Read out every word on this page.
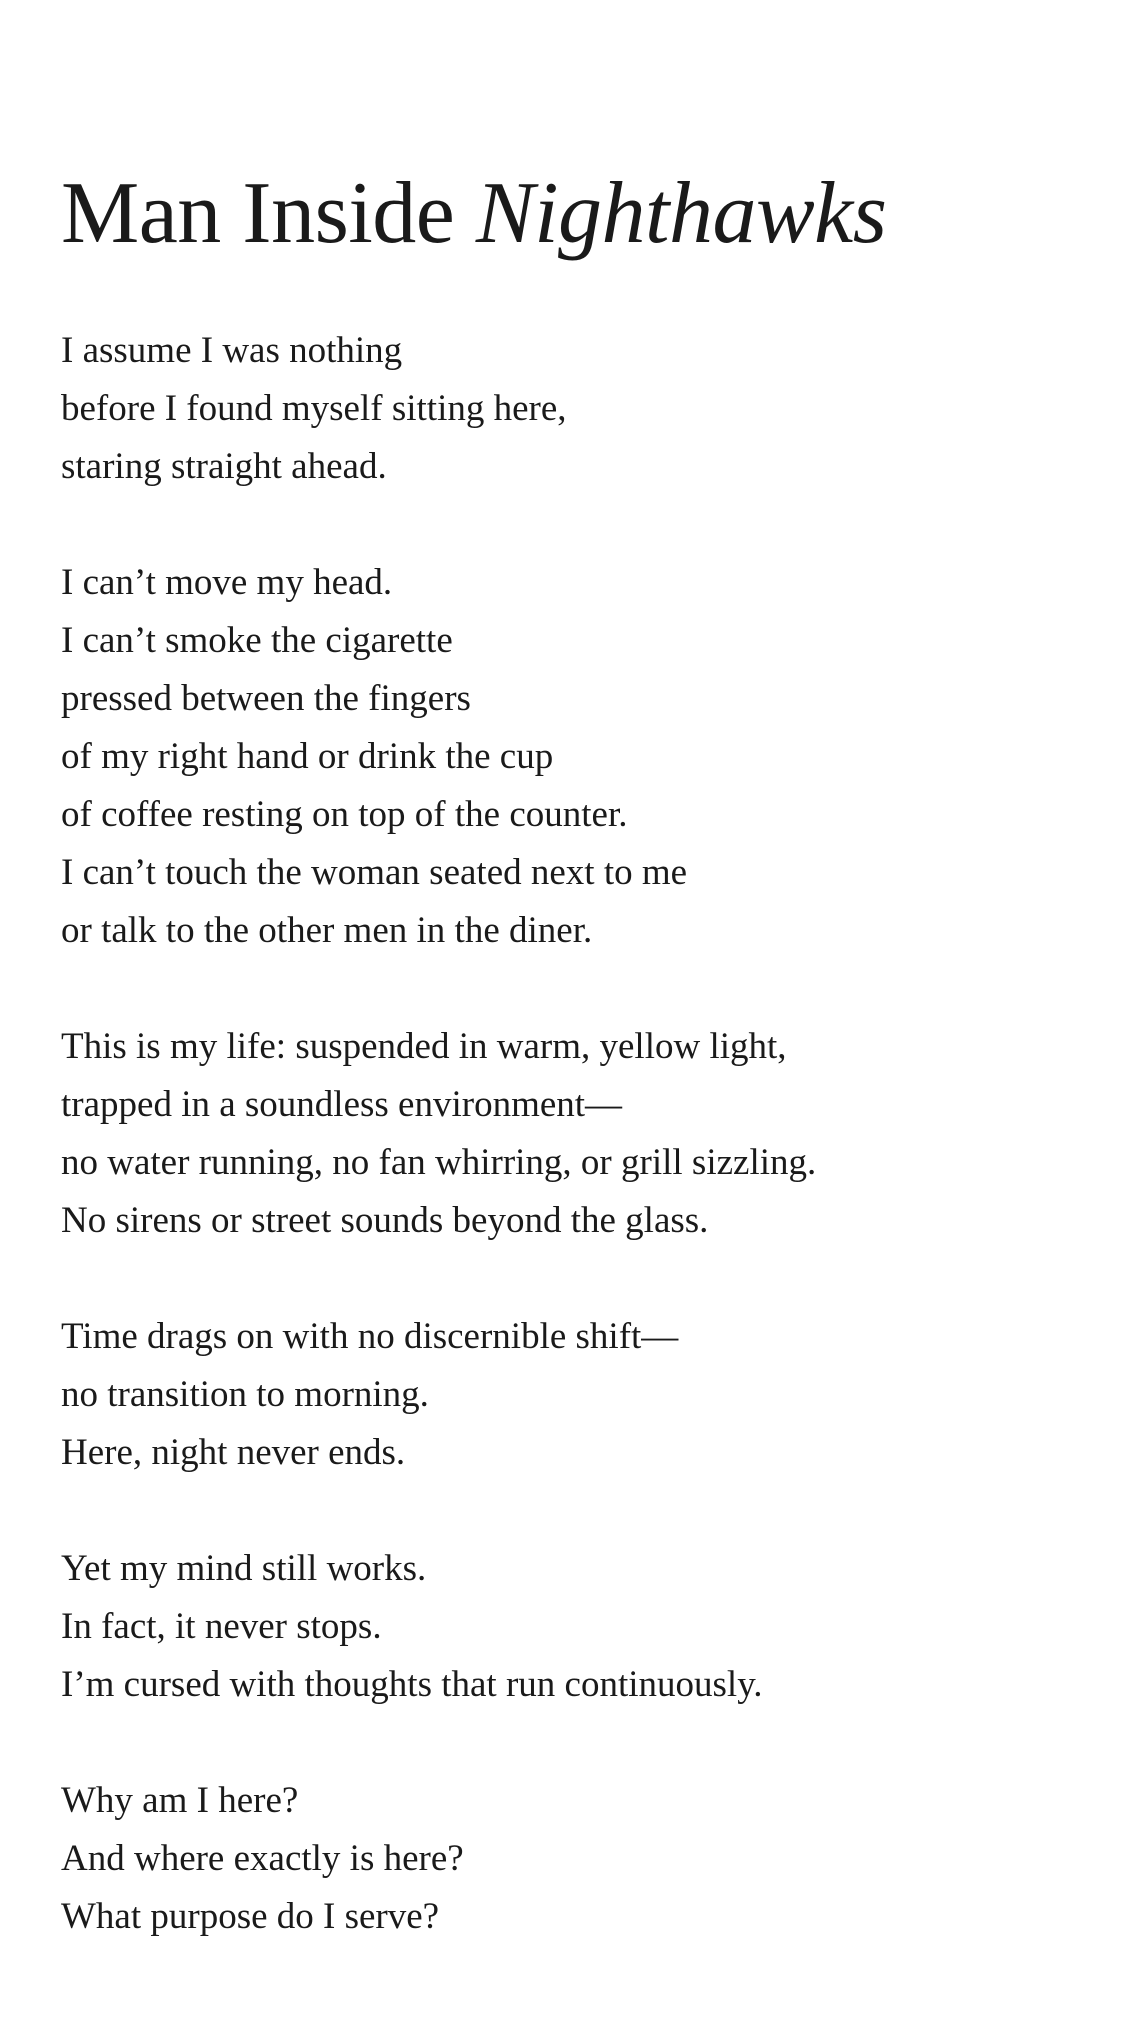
Man Inside Nighthawks
I assume I was nothing
before I found myself sitting here,
staring straight ahead.
I can’t move my head.
I can’t smoke the cigarette
pressed between the fingers
of my right hand or drink the cup
of coffee resting on top of the counter.
I can’t touch the woman seated next to me
or talk to the other men in the diner.
This is my life: suspended in warm, yellow light,
trapped in a soundless environment—
no water running, no fan whirring, or grill sizzling.
No sirens or street sounds beyond the glass.
Time drags on with no discernible shift—
no transition to morning.
Here, night never ends.
Yet my mind still works.
In fact, it never stops.
I’m cursed with thoughts that run continuously.
Why am I here?
And where exactly is here?
What purpose do I serve?
